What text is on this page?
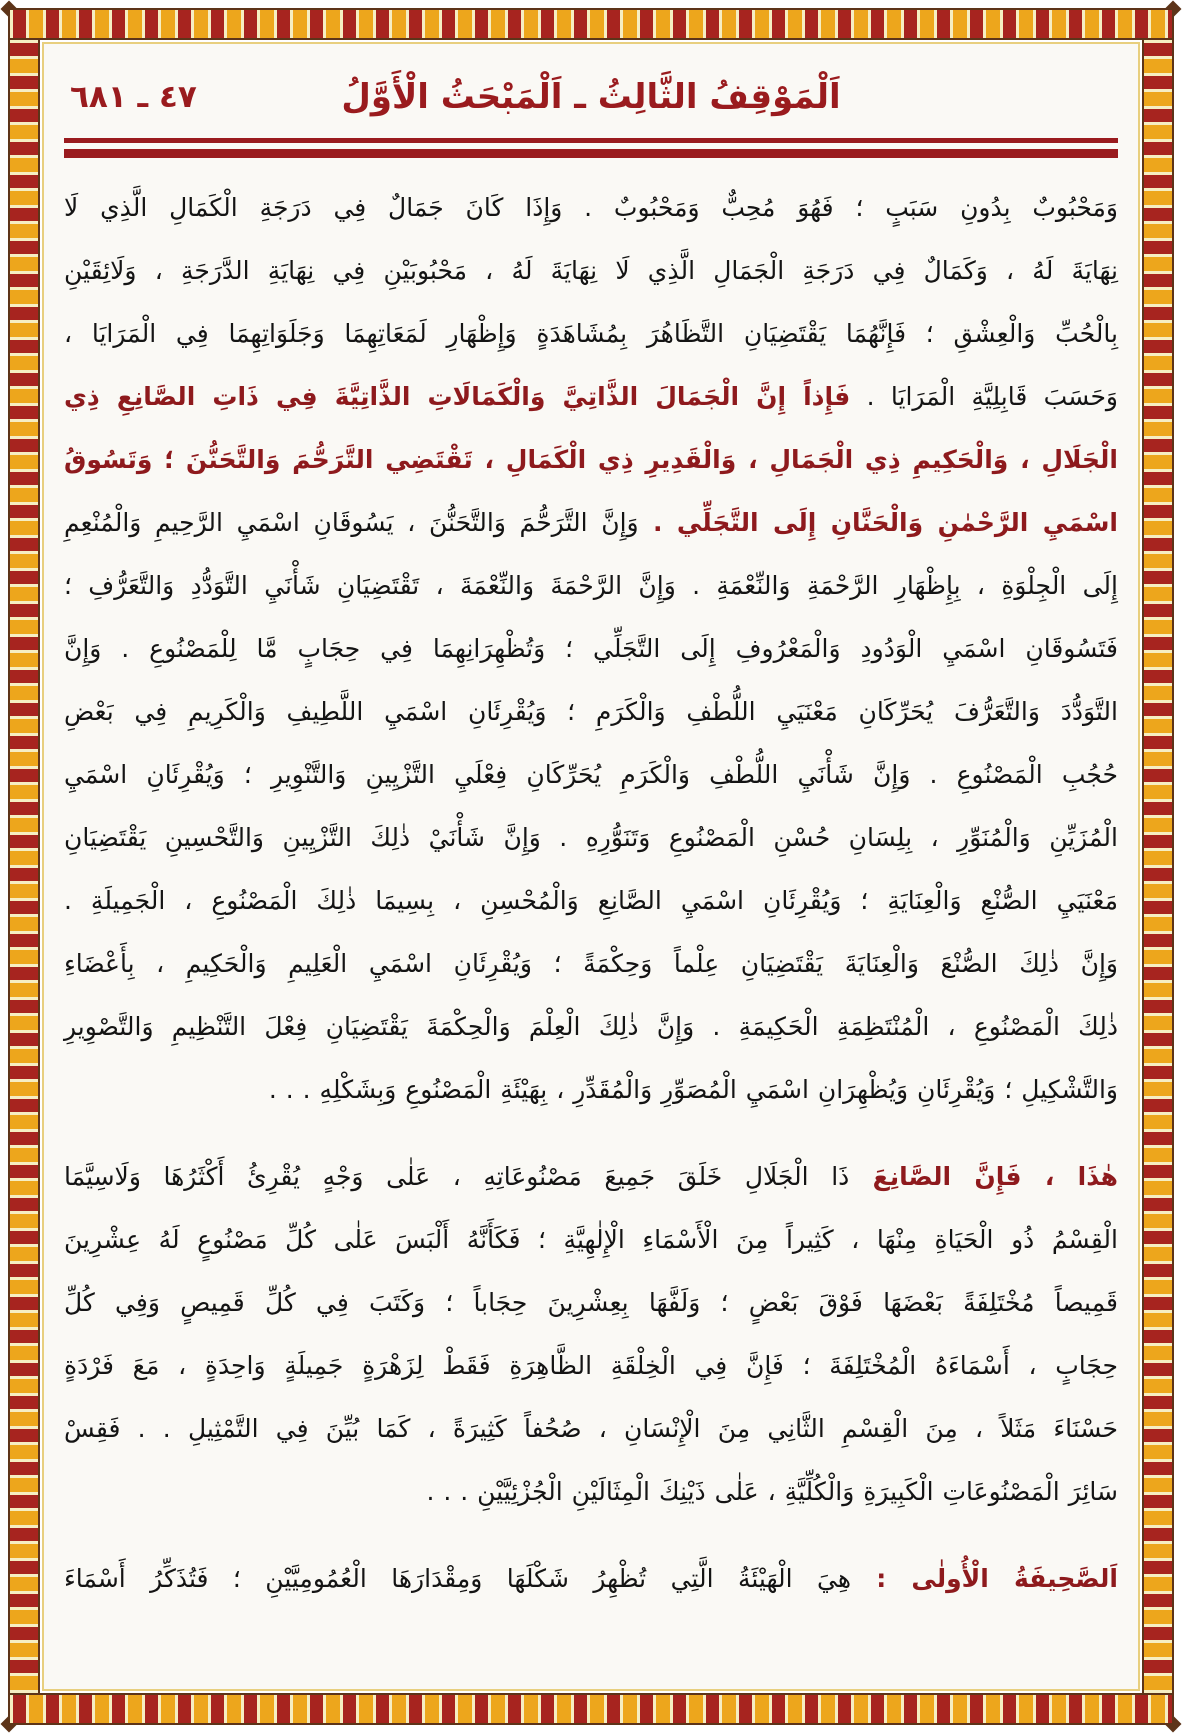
٤٧ ـ ٦٨١	اَلْمَوْقِفُ الثَّالِثُ ـ اَلْمَبْحَثُ الْأَوَّلُ
وَمَحْبُوبٌ بِدُونِ سَبَبٍ ؛ فَهُوَ مُحِبٌّ وَمَحْبُوبٌ . وَإِذَا كَانَ جَمَالٌ فِي دَرَجَةِ الْكَمَالِ الَّذِي لَا
نِهَايَةَ لَهُ ، وَكَمَالٌ فِي دَرَجَةِ الْجَمَالِ الَّذِي لَا نِهَايَةَ لَهُ ، مَحْبُوبَيْنِ فِي نِهَايَةِ الدَّرَجَةِ ، وَلَائِقَيْنِ
بِالْحُبِّ وَالْعِشْقِ ؛ فَإِنَّهُمَا يَقْتَضِيَانِ التَّظَاهُرَ بِمُشَاهَدَةٍ وَإِظْهَارِ لَمَعَاتِهِمَا وَجَلَوَاتِهِمَا فِي الْمَرَايَا ،
وَحَسَبَ قَابِلِيَّةِ الْمَرَايَا . فَإِذاً إِنَّ الْجَمَالَ الذَّاتِيَّ وَالْكَمَالَاتِ الذَّاتِيَّةَ فِي ذَاتِ الصَّانِعِ ذِي
الْجَلَالِ ، وَالْحَكِيمِ ذِي الْجَمَالِ ، وَالْقَدِيرِ ذِي الْكَمَالِ ، تَقْتَضِي التَّرَحُّمَ وَالتَّحَنُّنَ ؛ وَتَسُوقُ
اسْمَيِ الرَّحْمٰنِ وَالْحَنَّانِ إِلَى التَّجَلِّي . وَإِنَّ التَّرَحُّمَ وَالتَّحَنُّنَ ، يَسُوقَانِ اسْمَيِ الرَّحِيمِ وَالْمُنْعِمِ
إِلَى الْجِلْوَةِ ، بِإِظْهَارِ الرَّحْمَةِ وَالنِّعْمَةِ . وَإِنَّ الرَّحْمَةَ وَالنِّعْمَةَ ، تَقْتَضِيَانِ شَأْنَيِ التَّوَدُّدِ وَالتَّعَرُّفِ ؛
فَتَسُوقَانِ اسْمَيِ الْوَدُودِ وَالْمَعْرُوفِ إِلَى التَّجَلِّي ؛ وَتُظْهِرَانِهِمَا فِي حِجَابٍ مَّا لِلْمَصْنُوعِ . وَإِنَّ
التَّوَدُّدَ وَالتَّعَرُّفَ يُحَرِّكَانِ مَعْنَيَيِ اللُّطْفِ وَالْكَرَمِ ؛ وَيُقْرِئَانِ اسْمَيِ اللَّطِيفِ وَالْكَرِيمِ فِي بَعْضِ
حُجُبِ الْمَصْنُوعِ . وَإِنَّ شَأْنَيِ اللُّطْفِ وَالْكَرَمِ يُحَرِّكَانِ فِعْلَيِ التَّزْيِينِ وَالتَّنْوِيرِ ؛ وَيُقْرِئَانِ اسْمَيِ
الْمُزَيِّنِ وَالْمُنَوِّرِ ، بِلِسَانِ حُسْنِ الْمَصْنُوعِ وَتَنَوُّرِهِ . وَإِنَّ شَأْنَيْ ذٰلِكَ التَّزْيِينِ وَالتَّحْسِينِ يَقْتَضِيَانِ
مَعْنَيَيِ الصُّنْعِ وَالْعِنَايَةِ ؛ وَيُقْرِئَانِ اسْمَيِ الصَّانِعِ وَالْمُحْسِنِ ، بِسِيمَا ذٰلِكَ الْمَصْنُوعِ ، الْجَمِيلَةِ .
وَإِنَّ ذٰلِكَ الصُّنْعَ وَالْعِنَايَةَ يَقْتَضِيَانِ عِلْماً وَحِكْمَةً ؛ وَيُقْرِئَانِ اسْمَيِ الْعَلِيمِ وَالْحَكِيمِ ، بِأَعْضَاءِ
ذٰلِكَ الْمَصْنُوعِ ، الْمُنْتَظِمَةِ الْحَكِيمَةِ . وَإِنَّ ذٰلِكَ الْعِلْمَ وَالْحِكْمَةَ يَقْتَضِيَانِ فِعْلَ التَّنْظِيمِ وَالتَّصْوِيرِ
وَالتَّشْكِيلِ ؛ وَيُقْرِئَانِ وَيُظْهِرَانِ اسْمَيِ الْمُصَوِّرِ وَالْمُقَدِّرِ ، بِهَيْئَةِ الْمَصْنُوعِ وَبِشَكْلِهِ . . .
هٰذَا ، فَإِنَّ الصَّانِعَ ذَا الْجَلَالِ خَلَقَ جَمِيعَ مَصْنُوعَاتِهِ ، عَلٰى وَجْهٍ يُقْرِئُ أَكْثَرُهَا وَلَاسِيَّمَا
الْقِسْمُ ذُو الْحَيَاةِ مِنْهَا ، كَثِيراً مِنَ الْأَسْمَاءِ الْإِلٰهِيَّةِ ؛ فَكَأَنَّهُ أَلْبَسَ عَلٰى كُلِّ مَصْنُوعٍ لَهُ عِشْرِينَ
قَمِيصاً مُخْتَلِفَةً بَعْضَهَا فَوْقَ بَعْضٍ ؛ وَلَفَّهَا بِعِشْرِينَ حِجَاباً ؛ وَكَتَبَ فِي كُلِّ قَمِيصٍ وَفِي كُلِّ
حِجَابٍ ، أَسْمَاءَهُ الْمُخْتَلِفَةَ ؛ فَإِنَّ فِي الْخِلْقَةِ الظَّاهِرَةِ فَقَطْ لِزَهْرَةٍ جَمِيلَةٍ وَاحِدَةٍ ، مَعَ فَرْدَةٍ
حَسْنَاءَ مَثَلاً ، مِنَ الْقِسْمِ الثَّانِي مِنَ الْإِنْسَانِ ، صُحُفاً كَثِيرَةً ، كَمَا بُيِّنَ فِي التَّمْثِيلِ . . فَقِسْ
سَائِرَ الْمَصْنُوعَاتِ الْكَبِيرَةِ وَالْكُلِّيَّةِ ، عَلٰى ذَيْنِكَ الْمِثَالَيْنِ الْجُزْئِيَّيْنِ . . .
اَلصَّحِيفَةُ الْأُولٰى : هِيَ الْهَيْئَةُ الَّتِي تُظْهِرُ شَكْلَهَا وَمِقْدَارَهَا الْعُمُومِيَّيْنِ ؛ فَتُذَكِّرُ أَسْمَاءَ
